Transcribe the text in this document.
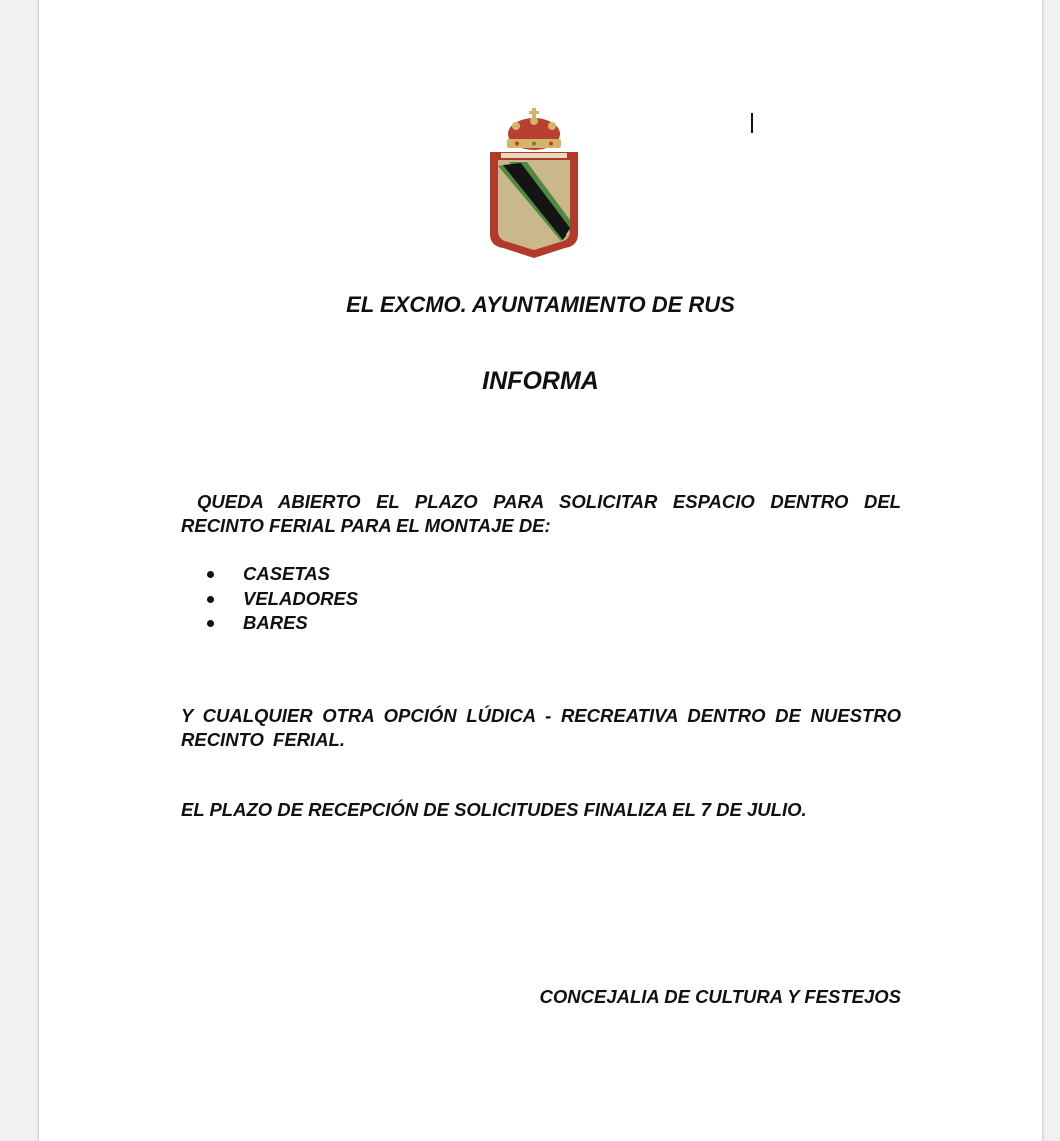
EL EXCMO. AYUNTAMIENTO DE RUS
INFORMA
QUEDA ABIERTO EL PLAZO PARA SOLICITAR ESPACIO DENTRO DEL RECINTO FERIAL PARA EL MONTAJE DE:
CASETAS
VELADORES
BARES
Y CUALQUIER OTRA OPCIÓN LÚDICA - RECREATIVA DENTRO DE NUESTRO RECINTO FERIAL.
EL PLAZO DE RECEPCIÓN DE SOLICITUDES FINALIZA EL 7 DE JULIO.
CONCEJALIA DE CULTURA Y FESTEJOS
